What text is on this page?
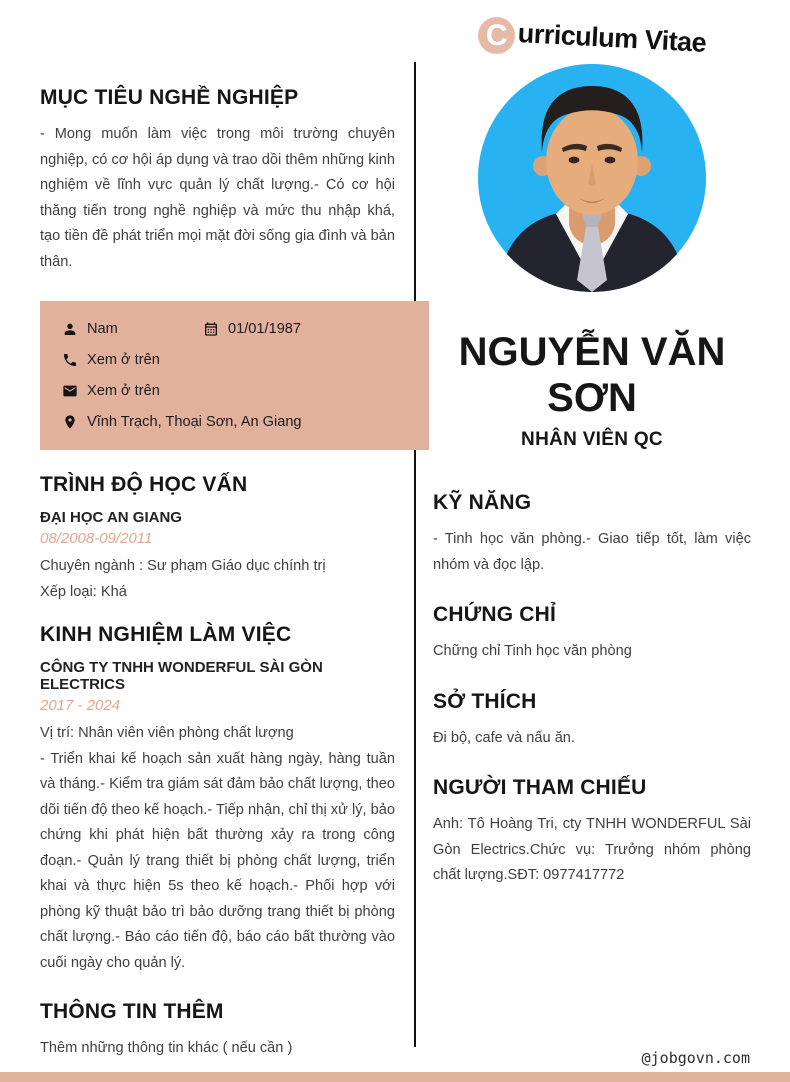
MỤC TIÊU NGHỀ NGHIỆP

- Mong muốn làm việc trong môi trường chuyên nghiệp, có cơ hội áp dụng và trao dồi thêm những kinh nghiệm về lĩnh vực quản lý chất lượng.- Có cơ hội thăng tiến trong nghề nghiệp và mức thu nhập khá, tạo tiền đề phát triển mọi mặt đời sống gia đình và bản thân.

Nam	01/01/1987
Xem ở trên
Xem ở trên
Vĩnh Trạch, Thoại Sơn, An Giang
TRÌNH ĐỘ HỌC VẤN

ĐẠI HỌC AN GIANG

08/2008-09/2011

Chuyên ngành : Sư phạm Giáo dục chính trị

Xếp loại: Khá

KINH NGHIỆM LÀM VIỆC

CÔNG TY TNHH WONDERFUL SÀI GÒN ELECTRICS

2017 - 2024

Vị trí: Nhân viên viên phòng chất lượng

- Triển khai kế hoạch sản xuất hàng ngày, hàng tuần và tháng.- Kiểm tra giám sát đảm bảo chất lượng, theo dõi tiến độ theo kế hoạch.- Tiếp nhận, chỉ thị xử lý, bảo chứng khi phát hiện bất thường xảy ra trong công đoạn.- Quản lý trang thiết bị phòng chất lượng, triển khai và thực hiện 5s theo kế hoạch.- Phối hợp với phòng kỹ thuật bảo trì bảo dưỡng trang thiết bị phòng chất lượng.- Báo cáo tiến độ, báo cáo bất thường vào cuối ngày cho quản lý.

THÔNG TIN THÊM

Thêm những thông tin khác ( nếu cần )

C urriculum Vitae
NGUYỄN VĂN SƠN
NHÂN VIÊN QC
KỸ NĂNG

- Tinh học văn phòng.- Giao tiếp tốt, làm việc nhóm và đọc lập.

CHỨNG CHỈ

Chững chỉ Tinh học văn phòng

SỞ THÍCH

Đi bộ, cafe và nấu ăn.

NGƯỜI THAM CHIẾU

Anh: Tô Hoàng Tri, cty TNHH WONDERFUL Sài Gòn Electrics.Chức vụ: Trưởng nhóm phòng chất lượng.SĐT: 0977417772

@jobgovn.com
